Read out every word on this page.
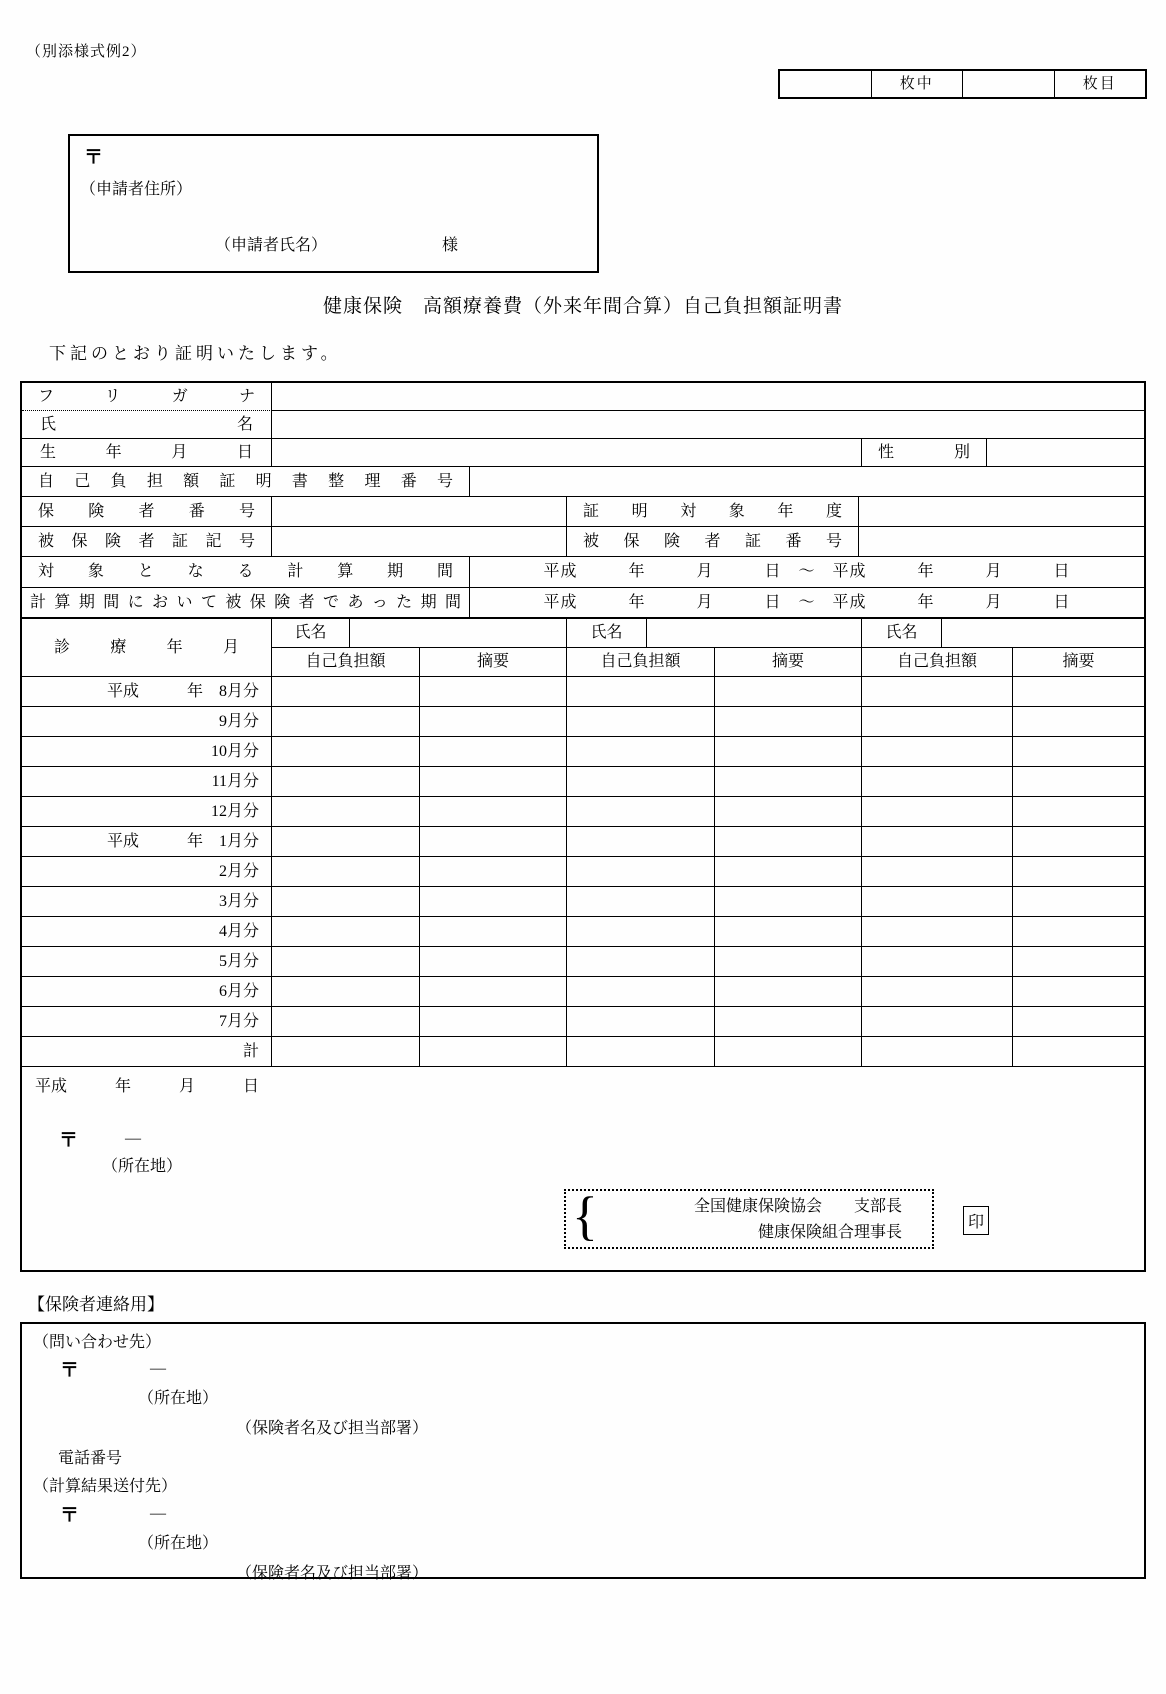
（別添様式例2）
枚中	枚目
〒
（申請者住所）
（申請者氏名）	様
健康保険　高額療養費（外来年間合算）自己負担額証明書
下記のとおり証明いたします。
フリガナ
氏名
生年月日	性別
自己負担額証明書整理番号
保険者番号	証明対象年度
被保険者証記号	被保険者証番号
対象となる計算期間	平成　　　年　　　月　　　日　～　平成　　　年　　　月　　　日
計算期間において被保険者であった期間	平成　　　年　　　月　　　日　～　平成　　　年　　　月　　　日
診療年月
氏名	氏名	氏名
自己負担額	摘要	自己負担額	摘要	自己負担額	摘要
平成　　　年　8月分
9月分
10月分
11月分
12月分
平成　　　年　1月分
2月分
3月分
4月分
5月分
6月分
7月分
計
平成　　　年　　　月　　　日
〒	—
（所在地）
{	全国健康保険協会　　支部長
健康保険組合理事長
印
【保険者連絡用】
（問い合わせ先）
〒	—
（所在地）
（保険者名及び担当部署）
電話番号
（計算結果送付先）
〒	—
（所在地）
（保険者名及び担当部署）
